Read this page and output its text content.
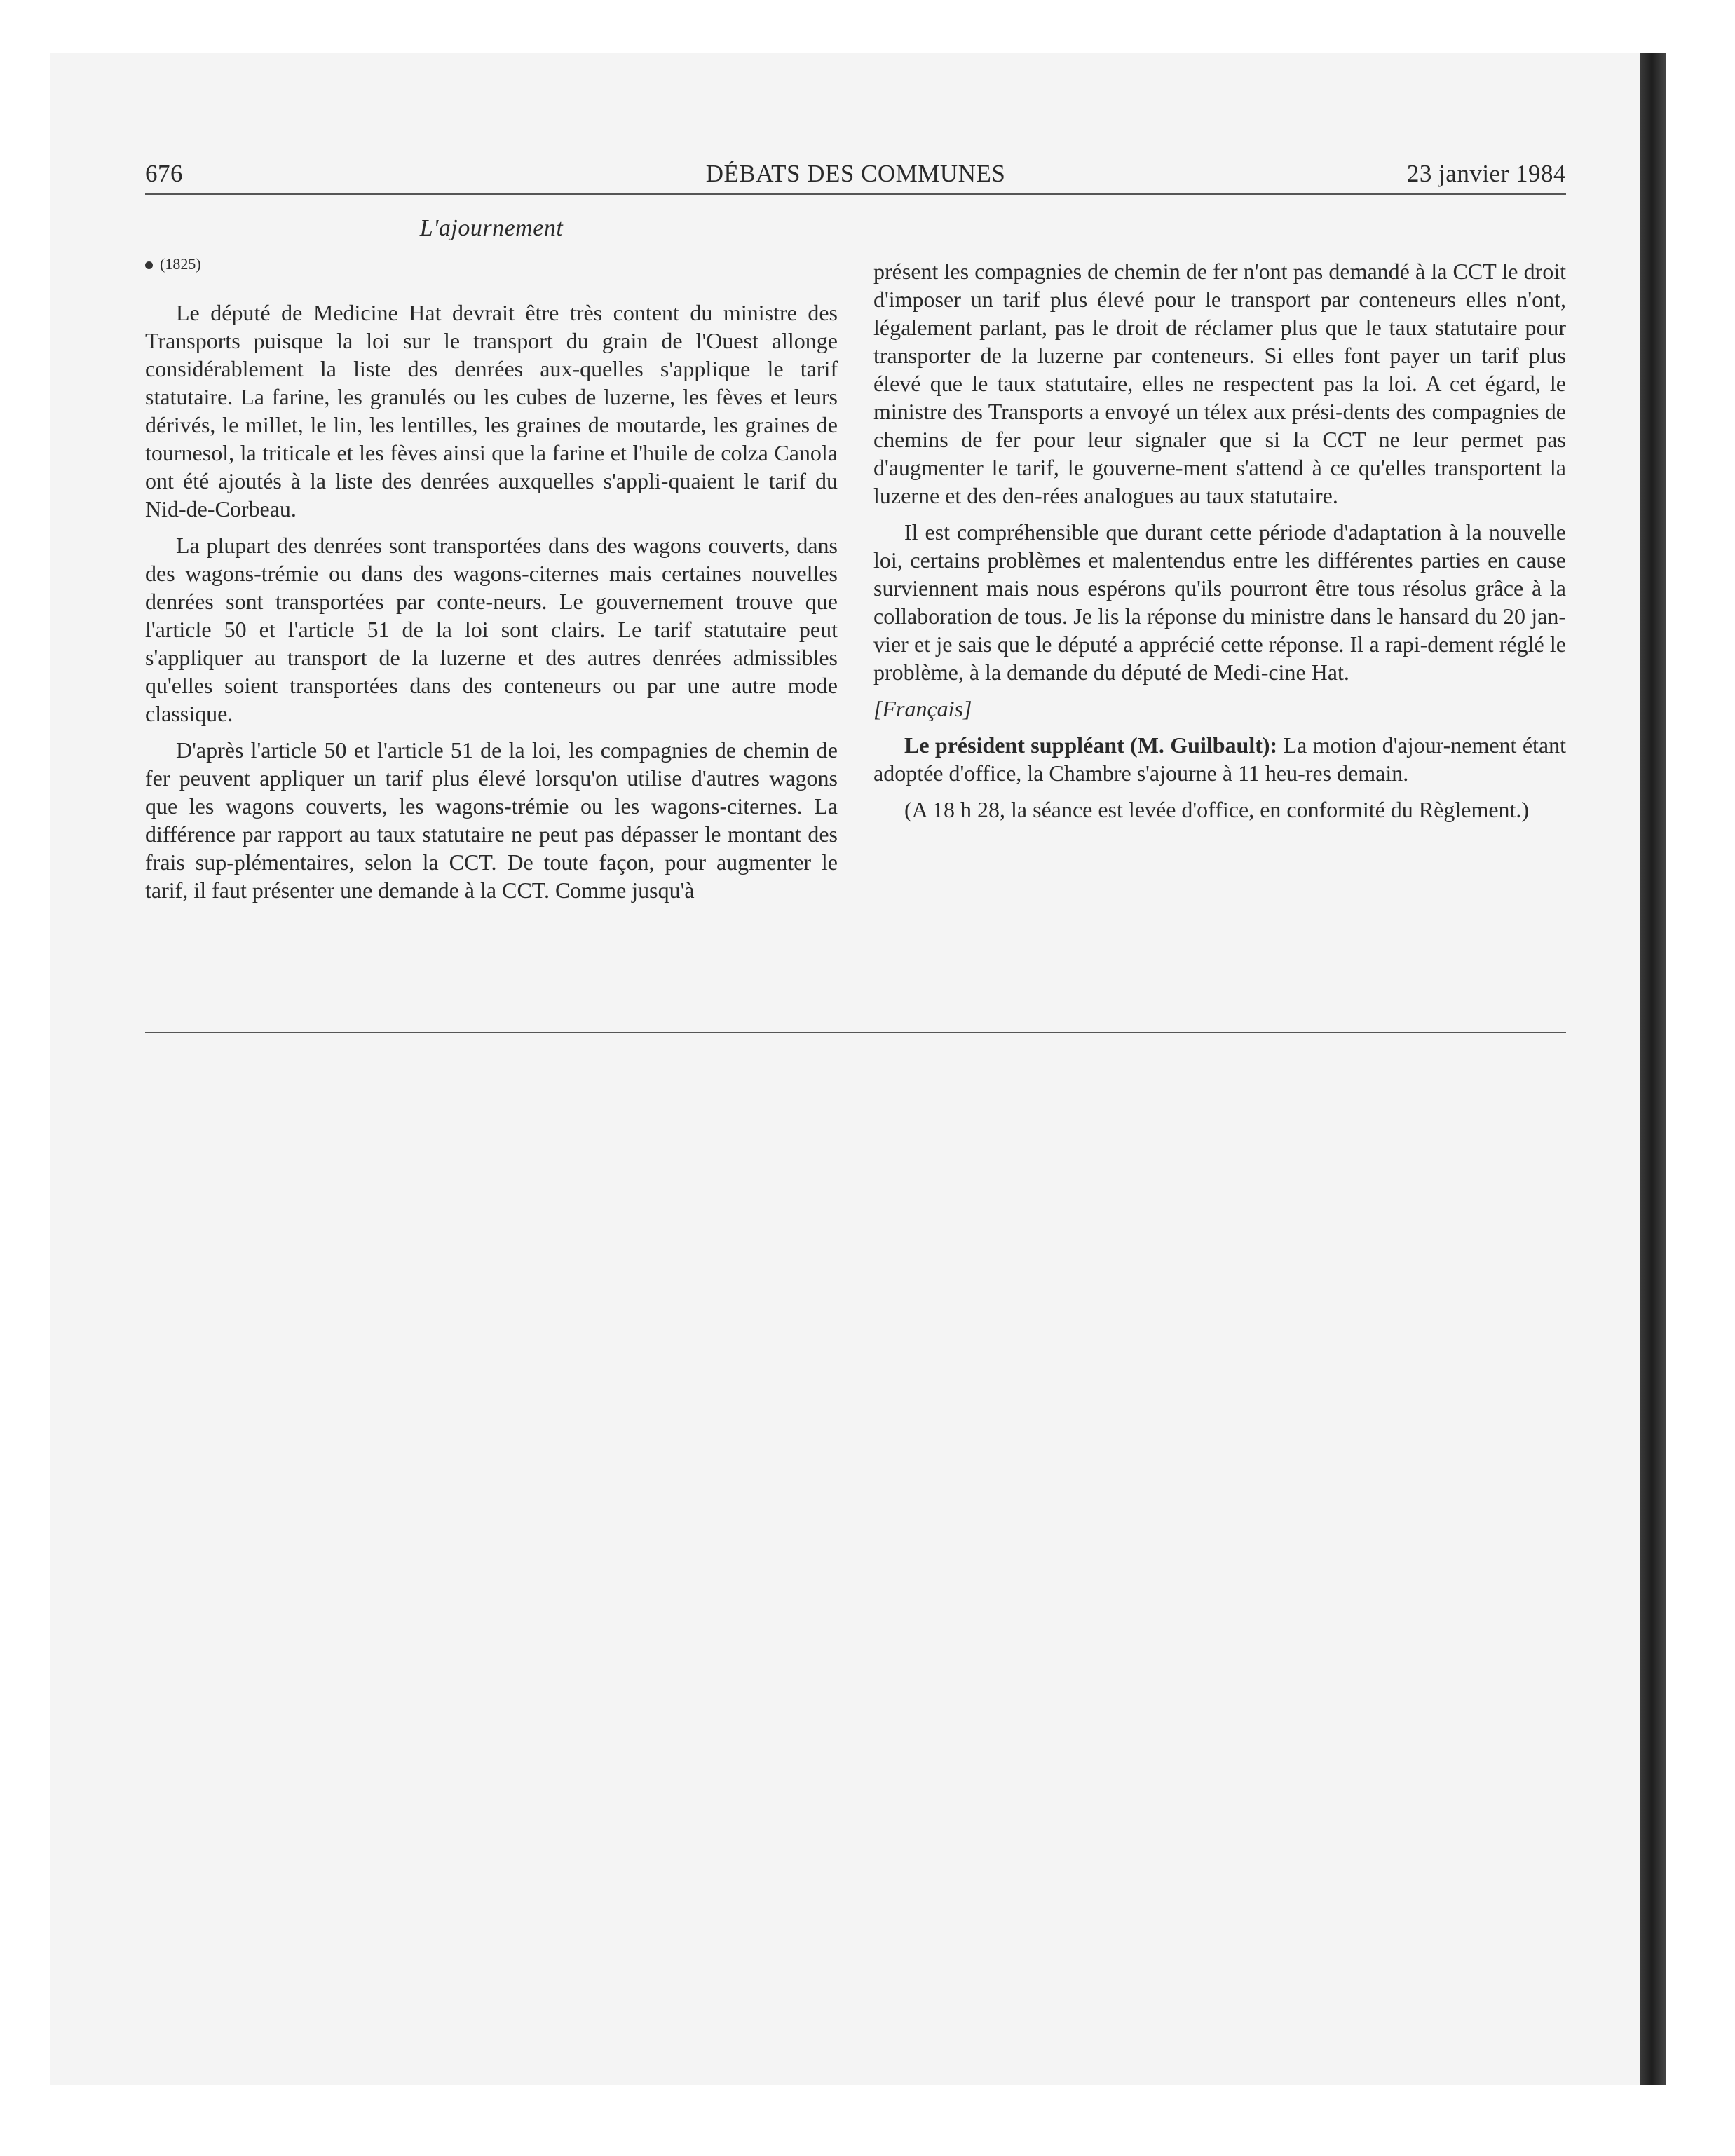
676	DÉBATS DES COMMUNES	23 janvier 1984
L'ajournement
(1825)

Le député de Medicine Hat devrait être très content du ministre des Transports puisque la loi sur le transport du grain de l'Ouest allonge considérablement la liste des denrées aux-quelles s'applique le tarif statutaire. La farine, les granulés ou les cubes de luzerne, les fèves et leurs dérivés, le millet, le lin, les lentilles, les graines de moutarde, les graines de tournesol, la triticale et les fèves ainsi que la farine et l'huile de colza Canola ont été ajoutés à la liste des denrées auxquelles s'appli-quaient le tarif du Nid-de-Corbeau.

La plupart des denrées sont transportées dans des wagons couverts, dans des wagons-trémie ou dans des wagons-citernes mais certaines nouvelles denrées sont transportées par conte-neurs. Le gouvernement trouve que l'article 50 et l'article 51 de la loi sont clairs. Le tarif statutaire peut s'appliquer au transport de la luzerne et des autres denrées admissibles qu'elles soient transportées dans des conteneurs ou par une autre mode classique.

D'après l'article 50 et l'article 51 de la loi, les compagnies de chemin de fer peuvent appliquer un tarif plus élevé lorsqu'on utilise d'autres wagons que les wagons couverts, les wagons-trémie ou les wagons-citernes. La différence par rapport au taux statutaire ne peut pas dépasser le montant des frais sup-plémentaires, selon la CCT. De toute façon, pour augmenter le tarif, il faut présenter une demande à la CCT. Comme jusqu'à

présent les compagnies de chemin de fer n'ont pas demandé à la CCT le droit d'imposer un tarif plus élevé pour le transport par conteneurs elles n'ont, légalement parlant, pas le droit de réclamer plus que le taux statutaire pour transporter de la luzerne par conteneurs. Si elles font payer un tarif plus élevé que le taux statutaire, elles ne respectent pas la loi. A cet égard, le ministre des Transports a envoyé un télex aux prési-dents des compagnies de chemins de fer pour leur signaler que si la CCT ne leur permet pas d'augmenter le tarif, le gouverne-ment s'attend à ce qu'elles transportent la luzerne et des den-rées analogues au taux statutaire.

Il est compréhensible que durant cette période d'adaptation à la nouvelle loi, certains problèmes et malentendus entre les différentes parties en cause surviennent mais nous espérons qu'ils pourront être tous résolus grâce à la collaboration de tous. Je lis la réponse du ministre dans le hansard du 20 jan-vier et je sais que le député a apprécié cette réponse. Il a rapi-dement réglé le problème, à la demande du député de Medi-cine Hat.

[Français]

Le président suppléant (M. Guilbault): La motion d'ajour-nement étant adoptée d'office, la Chambre s'ajourne à 11 heu-res demain.

(A 18 h 28, la séance est levée d'office, en conformité du Règlement.)
